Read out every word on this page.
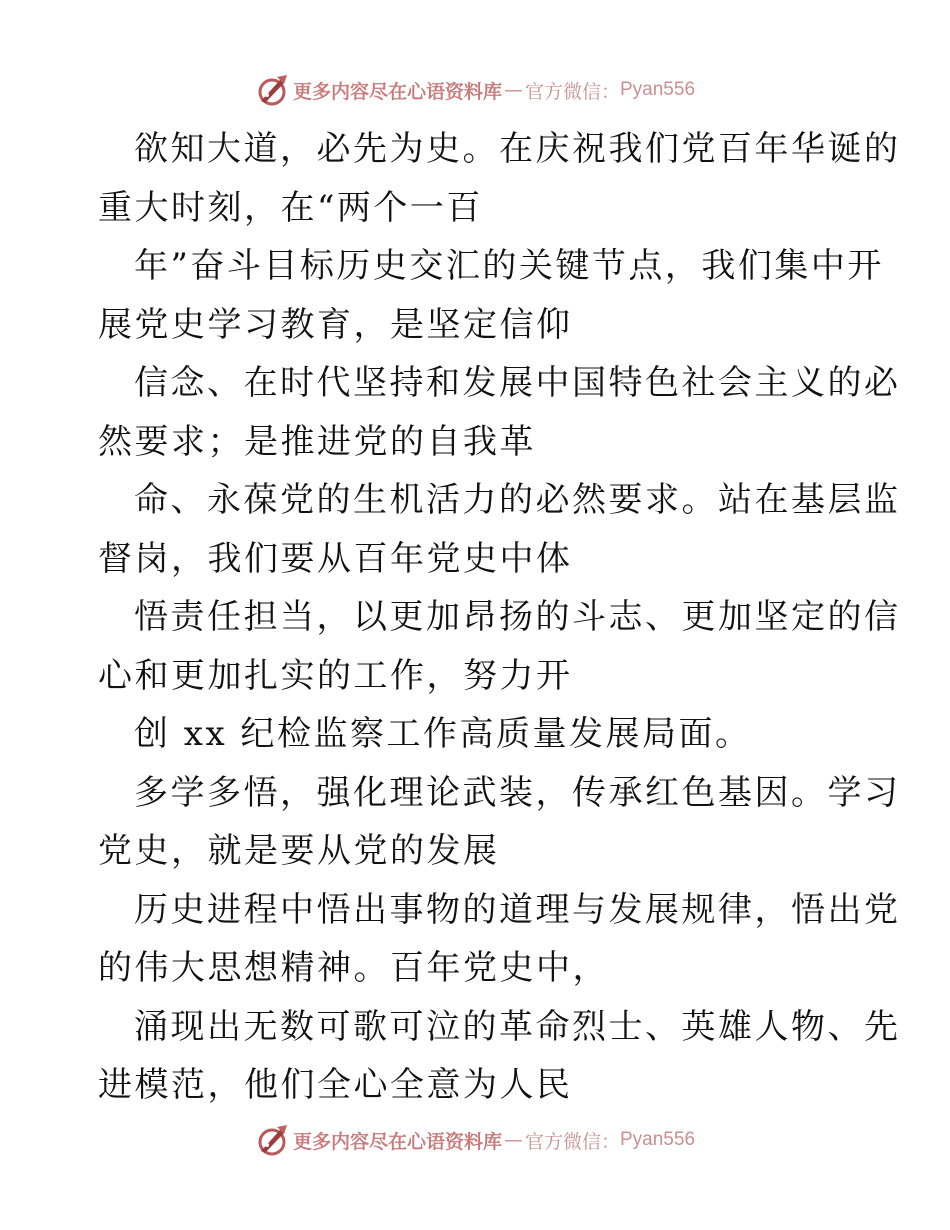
更多内容尽在心语资料库 — 官方微信： Pyan556
欲知大道，必先为史。在庆祝我们党百年华诞的
重大时刻，在“两个一百
年”奋斗目标历史交汇的关键节点，我们集中开
展党史学习教育，是坚定信仰
信念、在时代坚持和发展中国特色社会主义的必
然要求；是推进党的自我革
命、永葆党的生机活力的必然要求。站在基层监
督岗，我们要从百年党史中体
悟责任担当，以更加昂扬的斗志、更加坚定的信
心和更加扎实的工作，努力开
创 xx 纪检监察工作高质量发展局面。
多学多悟，强化理论武装，传承红色基因。学习
党史，就是要从党的发展
历史进程中悟出事物的道理与发展规律，悟出党
的伟大思想精神。百年党史中，
涌现出无数可歌可泣的革命烈士、英雄人物、先
进模范，他们全心全意为人民
更多内容尽在心语资料库 — 官方微信： Pyan556
